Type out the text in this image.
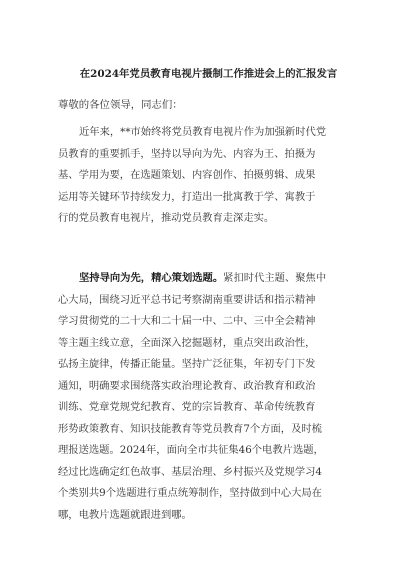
在2024年党员教育电视片摄制工作推进会上的汇报发言
尊敬的各位领导，同志们：
近年来，**市始终将党员教育电视片作为加强新时代党
员教育的重要抓手，坚持以导向为先、内容为王、拍摄为
基、学用为要，在选题策划、内容创作、拍摄剪辑、成果
运用等关键环节持续发力，打造出一批寓教于学、寓教于
行的党员教育电视片，推动党员教育走深走实。
坚持导向为先，精心策划选题。紧扣时代主题、聚焦中
心大局，围绕习近平总书记考察湖南重要讲话和指示精神
学习贯彻党的二十大和二十届一中、二中、三中全会精神
等主题主线立意，全面深入挖掘题材，重点突出政治性，
弘扬主旋律，传播正能量。坚持广泛征集，年初专门下发
通知，明确要求围绕落实政治理论教育、政治教育和政治
训练、党章党规党纪教育、党的宗旨教育、革命传统教育
形势政策教育、知识技能教育等党员教育7个方面，及时梳
理报送选题。2024年，面向全市共征集46个电教片选题，
经过比选确定红色故事、基层治理、乡村振兴及党规学习4
个类别共9个选题进行重点统筹制作，坚持做到中心大局在
哪，电教片选题就跟进到哪。
